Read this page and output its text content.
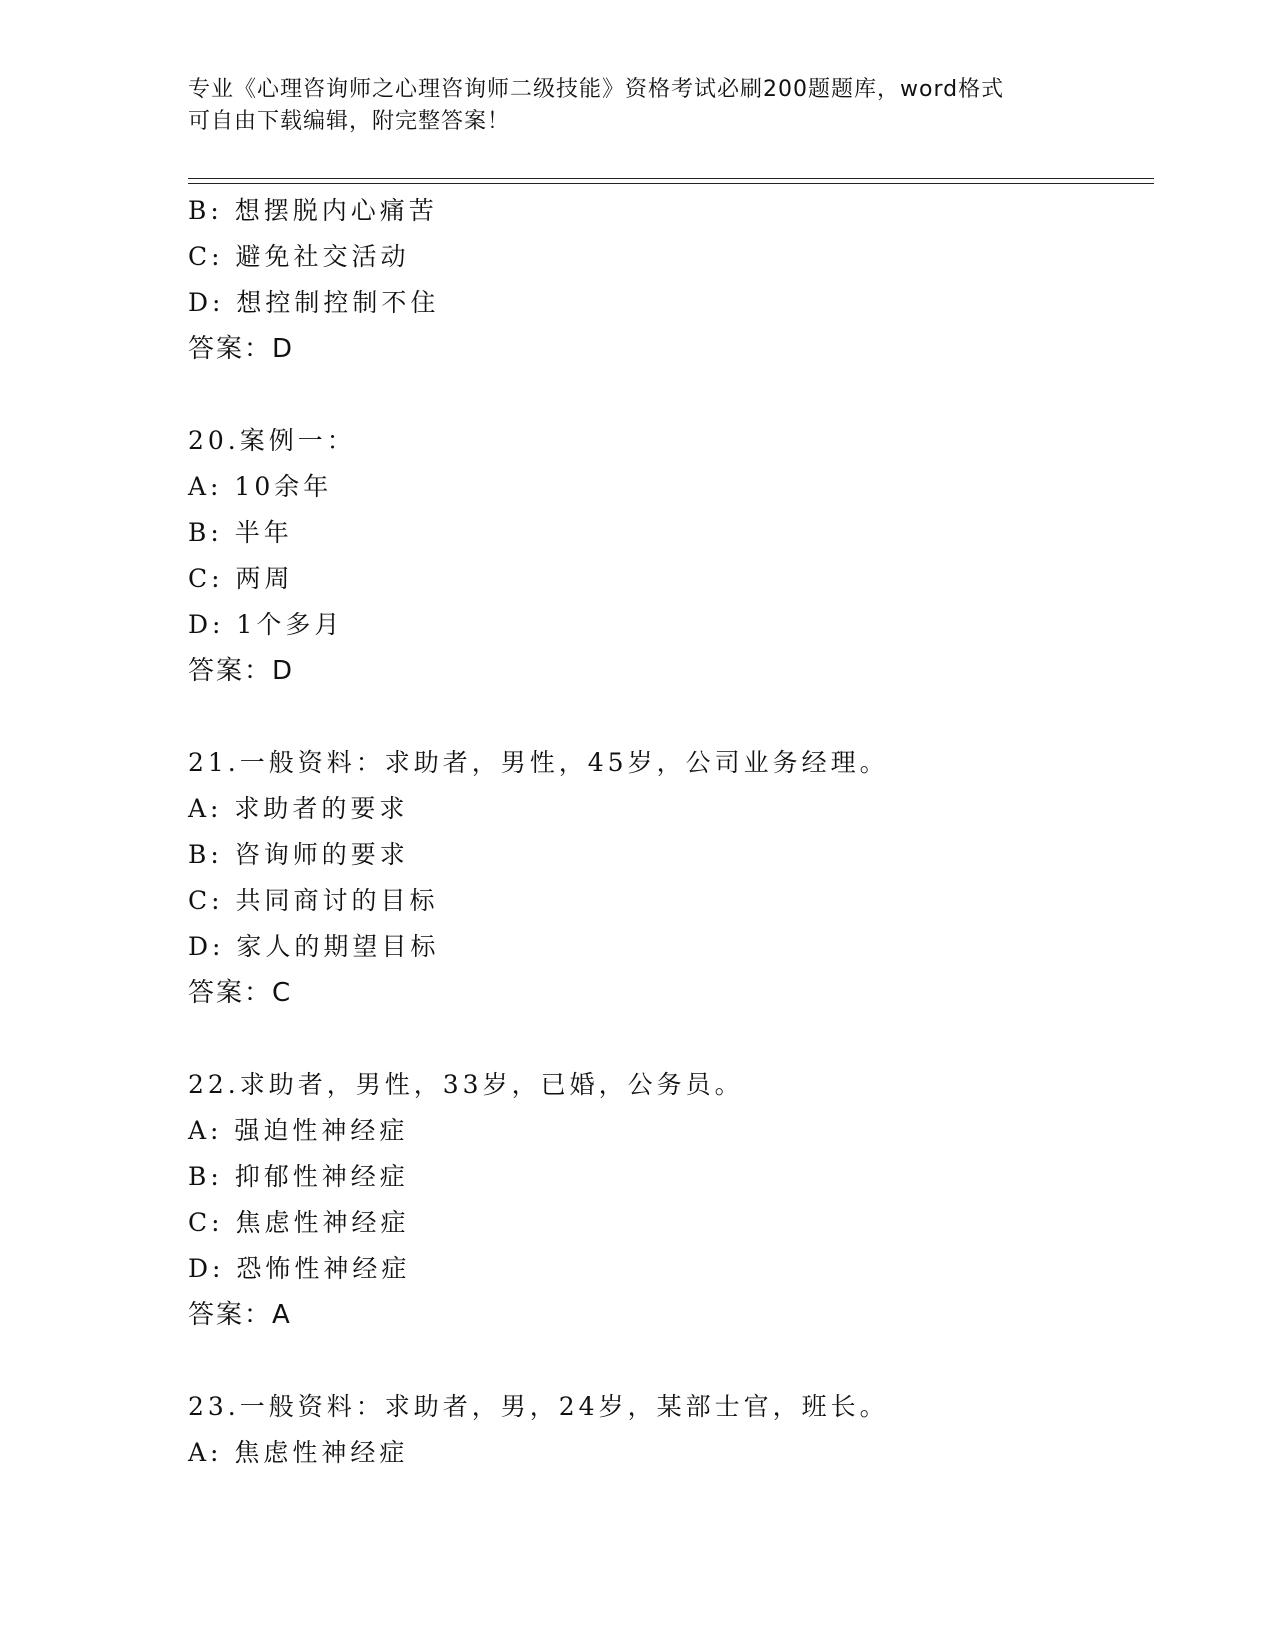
专业《心理咨询师之心理咨询师二级技能》资格考试必刷200题题库，word格式
可自由下载编辑，附完整答案！
B: 想摆脱内心痛苦
C: 避免社交活动
D: 想控制控制不住
答案：D
20.案例一：
A: 10余年
B: 半年
C: 两周
D: 1个多月
答案：D
21.一般资料：求助者，男性，45岁，公司业务经理。
A: 求助者的要求
B: 咨询师的要求
C: 共同商讨的目标
D: 家人的期望目标
答案：C
22.求助者，男性，33岁，已婚，公务员。
A: 强迫性神经症
B: 抑郁性神经症
C: 焦虑性神经症
D: 恐怖性神经症
答案：A
23.一般资料：求助者，男，24岁，某部士官，班长。
A: 焦虑性神经症
